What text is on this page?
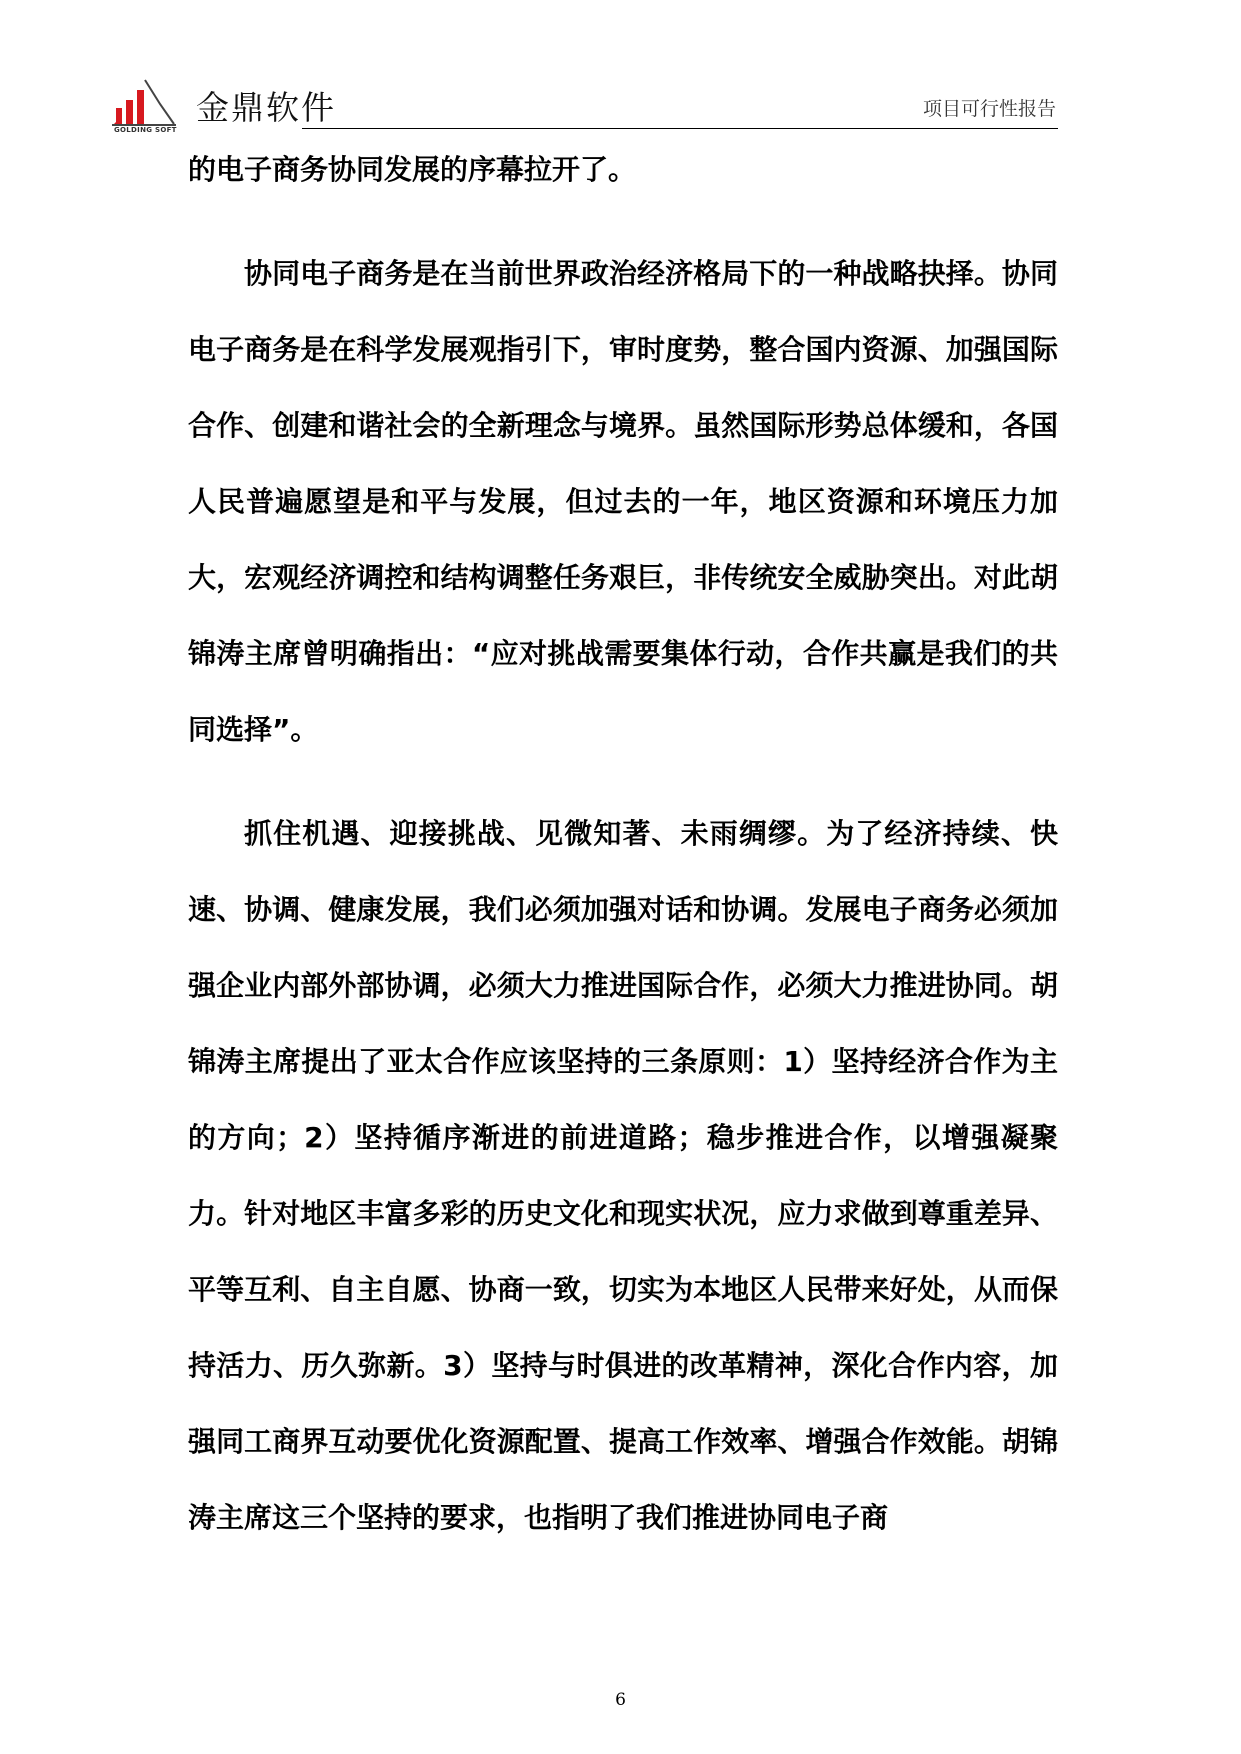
GOLDING SOFT
金鼎软件	项目可行性报告

的电子商务协同发展的序幕拉开了。

协同电子商务是在当前世界政治经济格局下的一种战略抉择。协同电子商务是在科学发展观指引下，审时度势，整合国内资源、加强国际合作、创建和谐社会的全新理念与境界。虽然国际形势总体缓和，各国人民普遍愿望是和平与发展，但过去的一年，地区资源和环境压力加大，宏观经济调控和结构调整任务艰巨，非传统安全威胁突出。对此胡锦涛主席曾明确指出：“应对挑战需要集体行动，合作共赢是我们的共同选择”。

抓住机遇、迎接挑战、见微知著、未雨绸缪。为了经济持续、快速、协调、健康发展，我们必须加强对话和协调。发展电子商务必须加强企业内部外部协调，必须大力推进国际合作，必须大力推进协同。胡锦涛主席提出了亚太合作应该坚持的三条原则：1）坚持经济合作为主的方向；2）坚持循序渐进的前进道路；稳步推进合作，以增强凝聚力。针对地区丰富多彩的历史文化和现实状况，应力求做到尊重差异、平等互利、自主自愿、协商一致，切实为本地区人民带来好处，从而保持活力、历久弥新。3）坚持与时俱进的改革精神，深化合作内容，加强同工商界互动要优化资源配置、提高工作效率、增强合作效能。胡锦涛主席这三个坚持的要求，也指明了我们推进协同电子商

6
